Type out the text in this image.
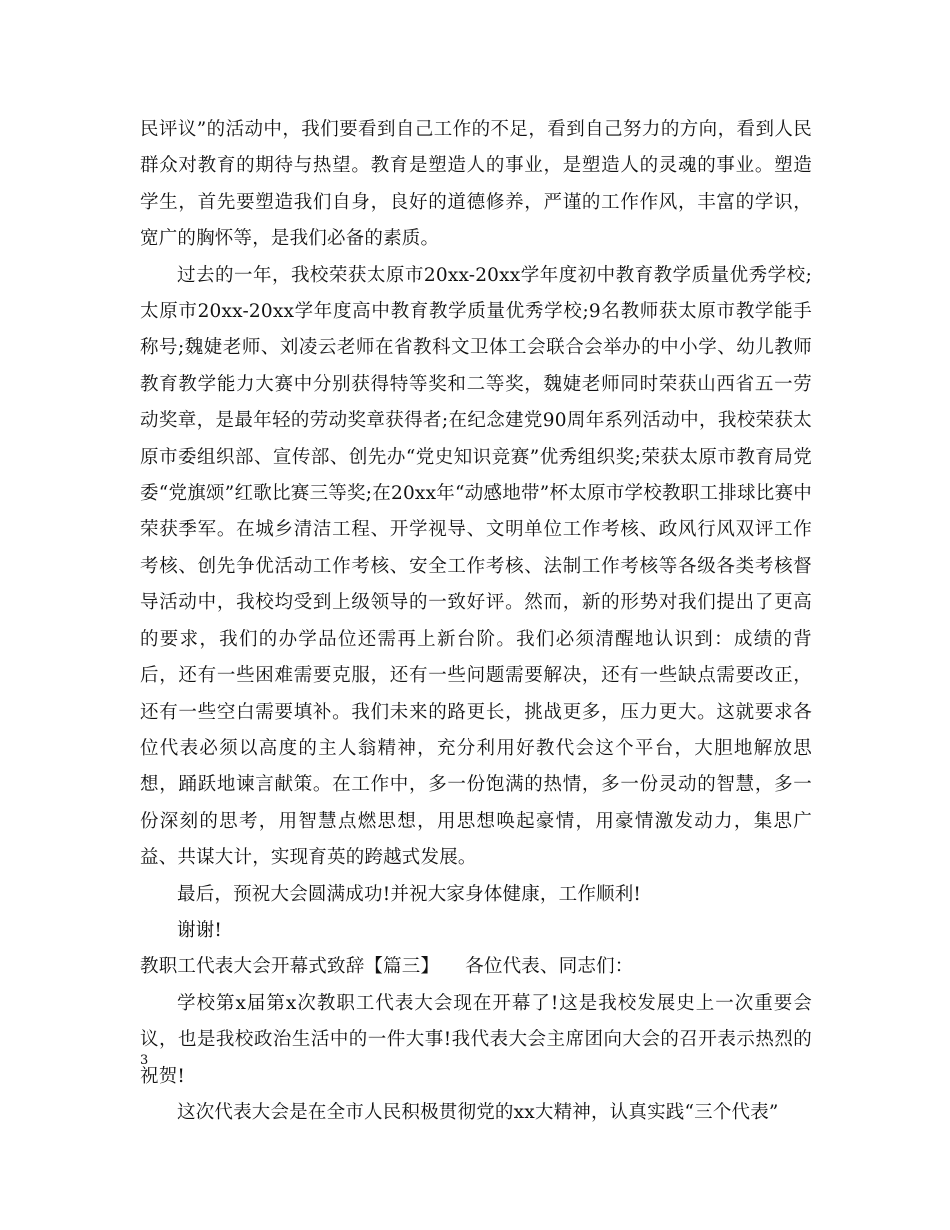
民评议”的活动中，我们要看到自己工作的不足，看到自己努力的方向，看到人民群众对教育的期待与热望。教育是塑造人的事业，是塑造人的灵魂的事业。塑造学生，首先要塑造我们自身，良好的道德修养，严谨的工作作风，丰富的学识，宽广的胸怀等，是我们必备的素质。

过去的一年，我校荣获太原市20xx-20xx学年度初中教育教学质量优秀学校;太原市20xx-20xx学年度高中教育教学质量优秀学校;9名教师获太原市教学能手称号;魏婕老师、刘凌云老师在省教科文卫体工会联合会举办的中小学、幼儿教师教育教学能力大赛中分别获得特等奖和二等奖，魏婕老师同时荣获山西省五一劳动奖章，是最年轻的劳动奖章获得者;在纪念建党90周年系列活动中，我校荣获太原市委组织部、宣传部、创先办“党史知识竞赛”优秀组织奖;荣获太原市教育局党委“党旗颂”红歌比赛三等奖;在20xx年“动感地带”杯太原市学校教职工排球比赛中荣获季军。在城乡清洁工程、开学视导、文明单位工作考核、政风行风双评工作考核、创先争优活动工作考核、安全工作考核、法制工作考核等各级各类考核督导活动中，我校均受到上级领导的一致好评。然而，新的形势对我们提出了更高的要求，我们的办学品位还需再上新台阶。我们必须清醒地认识到：成绩的背后，还有一些困难需要克服，还有一些问题需要解决，还有一些缺点需要改正，还有一些空白需要填补。我们未来的路更长，挑战更多，压力更大。这就要求各位代表必须以高度的主人翁精神，充分利用好教代会这个平台，大胆地解放思想，踊跃地谏言献策。在工作中，多一份饱满的热情，多一份灵动的智慧，多一份深刻的思考，用智慧点燃思想，用思想唤起豪情，用豪情激发动力，集思广益、共谋大计，实现育英的跨越式发展。

最后，预祝大会圆满成功!并祝大家身体健康，工作顺利!

谢谢!

教职工代表大会开幕式致辞【篇三】 各位代表、同志们：

学校第x届第x次教职工代表大会现在开幕了!这是我校发展史上一次重要会议，也是我校政治生活中的一件大事!我代表大会主席团向大会的召开表示热烈的祝贺!

这次代表大会是在全市人民积极贯彻党的xx大精神，认真实践“三个代表”

3
